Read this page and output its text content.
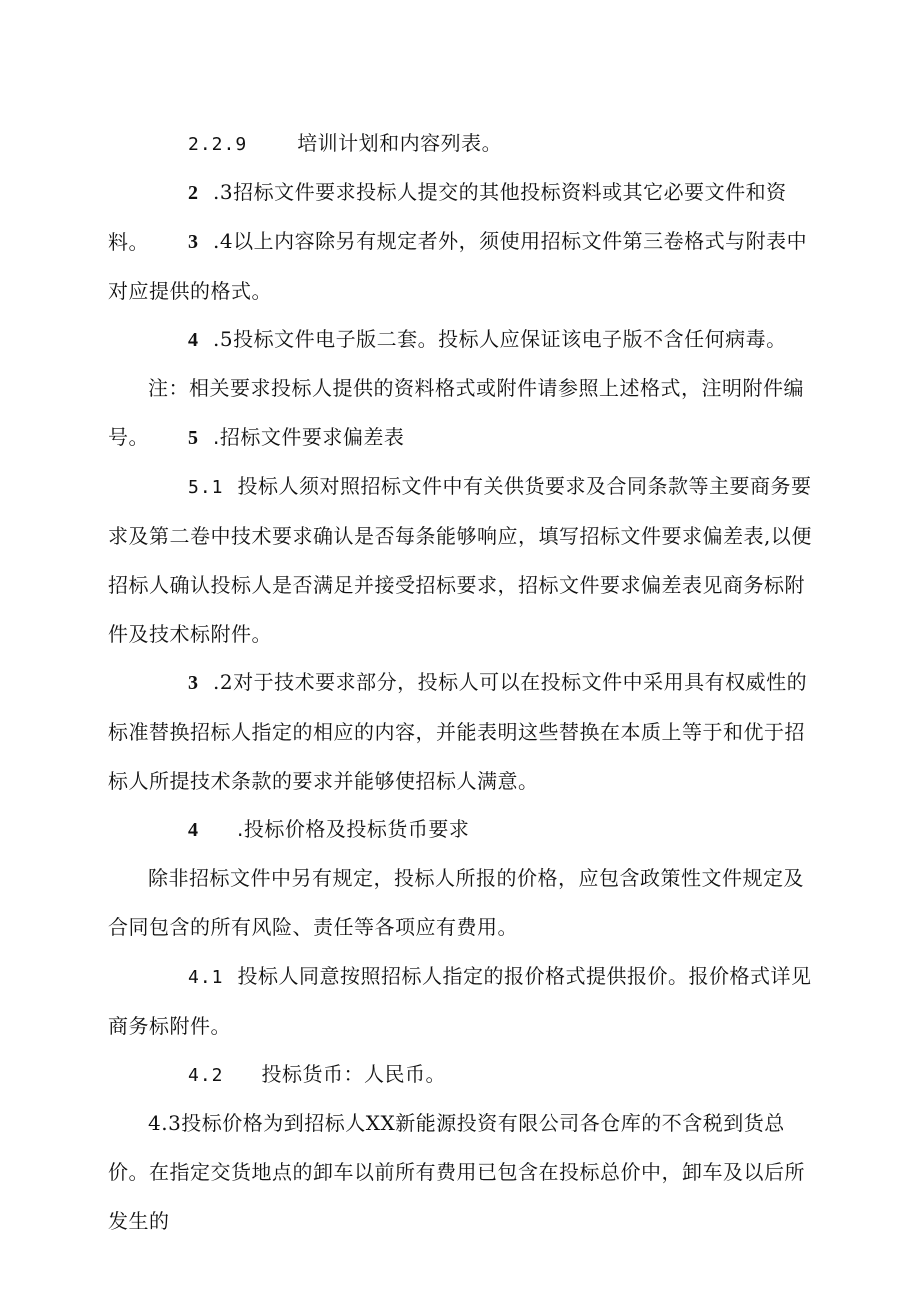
2.2.9	培训计划和内容列表。
2 .3招标文件要求投标人提交的其他投标资料或其它必要文件和资料。	3 .4以上内容除另有规定者外，须使用招标文件第三卷格式与附表中对应提供的格式。
4 .5投标文件电子版二套。投标人应保证该电子版不含任何病毒。
注：相关要求投标人提供的资料格式或附件请参照上述格式，注明附件编号。	5 .招标文件要求偏差表
5.1 投标人须对照招标文件中有关供货要求及合同条款等主要商务要求及第二卷中技术要求确认是否每条能够响应，填写招标文件要求偏差表,以便招标人确认投标人是否满足并接受招标要求，招标文件要求偏差表见商务标附件及技术标附件。
3 .2对于技术要求部分，投标人可以在投标文件中采用具有权威性的标准替换招标人指定的相应的内容，并能表明这些替换在本质上等于和优于招标人所提技术条款的要求并能够使招标人满意。
4 .投标价格及投标货币要求
除非招标文件中另有规定，投标人所报的价格，应包含政策性文件规定及合同包含的所有风险、责任等各项应有费用。
4.1 投标人同意按照招标人指定的报价格式提供报价。报价格式详见商务标附件。
4.2 投标货币：人民币。
4.3投标价格为到招标人XX新能源投资有限公司各仓库的不含税到货总价。在指定交货地点的卸车以前所有费用已包含在投标总价中，卸车及以后所发生的
